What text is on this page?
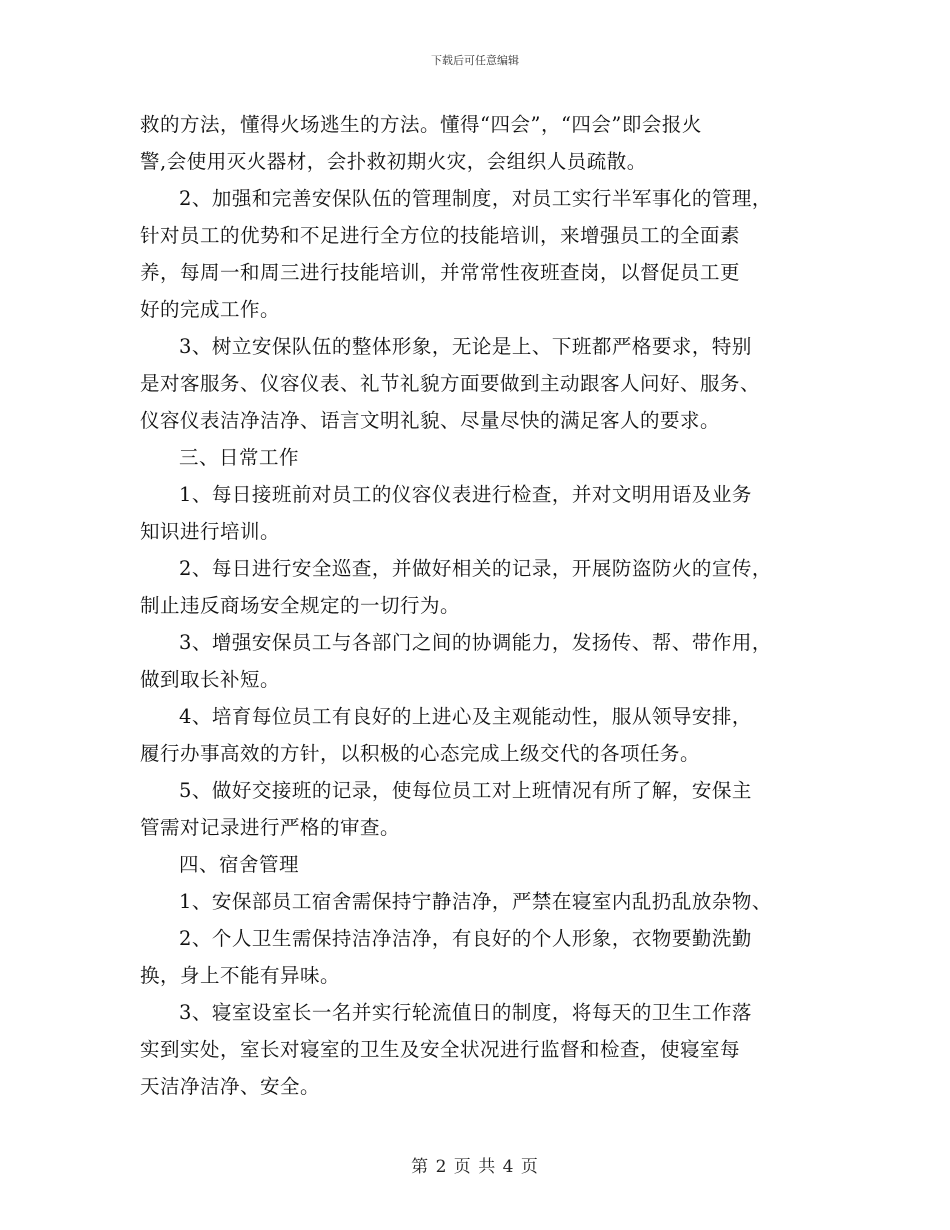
下载后可任意编辑
救的方法，懂得火场逃生的方法。懂得“四会”，“四会”即会报火
警,会使用灭火器材，会扑救初期火灾，会组织人员疏散。
2、加强和完善安保队伍的管理制度，对员工实行半军事化的管理，
针对员工的优势和不足进行全方位的技能培训，来增强员工的全面素
养，每周一和周三进行技能培训，并常常性夜班查岗，以督促员工更
好的完成工作。
3、树立安保队伍的整体形象，无论是上、下班都严格要求，特别
是对客服务、仪容仪表、礼节礼貌方面要做到主动跟客人问好、服务、
仪容仪表洁净洁净、语言文明礼貌、尽量尽快的满足客人的要求。
三、日常工作
1、每日接班前对员工的仪容仪表进行检查，并对文明用语及业务
知识进行培训。
2、每日进行安全巡查，并做好相关的记录，开展防盗防火的宣传，
制止违反商场安全规定的一切行为。
3、增强安保员工与各部门之间的协调能力，发扬传、帮、带作用，
做到取长补短。
4、培育每位员工有良好的上进心及主观能动性，服从领导安排，
履行办事高效的方针，以积极的心态完成上级交代的各项任务。
5、做好交接班的记录，使每位员工对上班情况有所了解，安保主
管需对记录进行严格的审查。
四、宿舍管理
1、安保部员工宿舍需保持宁静洁净，严禁在寝室内乱扔乱放杂物、
2、个人卫生需保持洁净洁净，有良好的个人形象，衣物要勤洗勤
换，身上不能有异味。
3、寝室设室长一名并实行轮流值日的制度，将每天的卫生工作落
实到实处，室长对寝室的卫生及安全状况进行监督和检查，使寝室每
天洁净洁净、安全。
第 2 页 共 4 页
